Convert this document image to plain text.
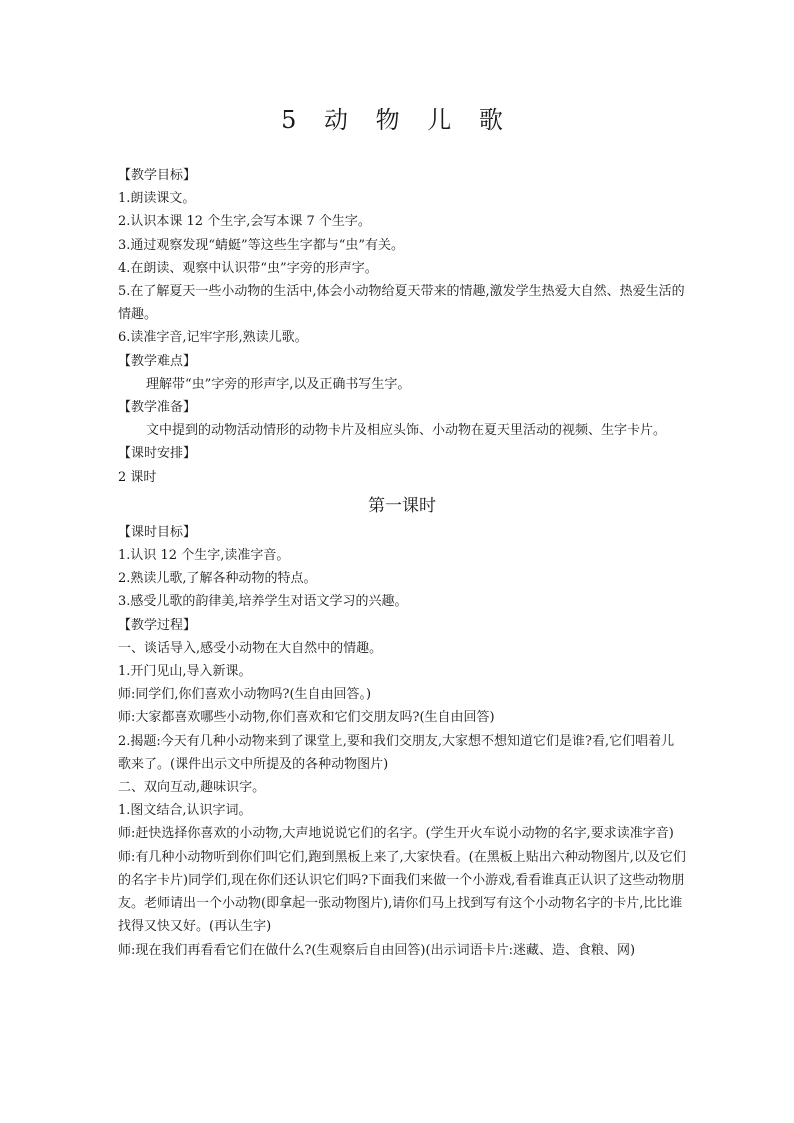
5 动 物 儿 歌

【教学目标】

1.朗读课文。

2.认识本课 12 个生字,会写本课 7 个生字。

3.通过观察发现“蜻蜓”等这些生字都与“虫”有关。

4.在朗读、观察中认识带“虫”字旁的形声字。

5.在了解夏天一些小动物的生活中,体会小动物给夏天带来的情趣,激发学生热爱大自然、热爱生活的情趣。

6.读准字音,记牢字形,熟读儿歌。

【教学难点】

理解带“虫”字旁的形声字,以及正确书写生字。

【教学准备】

文中提到的动物活动情形的动物卡片及相应头饰、小动物在夏天里活动的视频、生字卡片。

【课时安排】

2 课时

第一课时

【课时目标】

1.认识 12 个生字,读准字音。

2.熟读儿歌,了解各种动物的特点。

3.感受儿歌的韵律美,培养学生对语文学习的兴趣。

【教学过程】

一、谈话导入,感受小动物在大自然中的情趣。

1.开门见山,导入新课。

师:同学们,你们喜欢小动物吗?(生自由回答。)

师:大家都喜欢哪些小动物,你们喜欢和它们交朋友吗?(生自由回答)

2.揭题:今天有几种小动物来到了课堂上,要和我们交朋友,大家想不想知道它们是谁?看,它们唱着儿歌来了。(课件出示文中所提及的各种动物图片)

二、双向互动,趣味识字。

1.图文结合,认识字词。

师:赶快选择你喜欢的小动物,大声地说说它们的名字。(学生开火车说小动物的名字,要求读准字音)

师:有几种小动物听到你们叫它们,跑到黑板上来了,大家快看。(在黑板上贴出六种动物图片,以及它们的名字卡片)同学们,现在你们还认识它们吗?下面我们来做一个小游戏,看看谁真正认识了这些动物朋友。老师请出一个小动物(即拿起一张动物图片),请你们马上找到写有这个小动物名字的卡片,比比谁找得又快又好。(再认生字)

师:现在我们再看看它们在做什么?(生观察后自由回答)(出示词语卡片:迷藏、造、食粮、网)
